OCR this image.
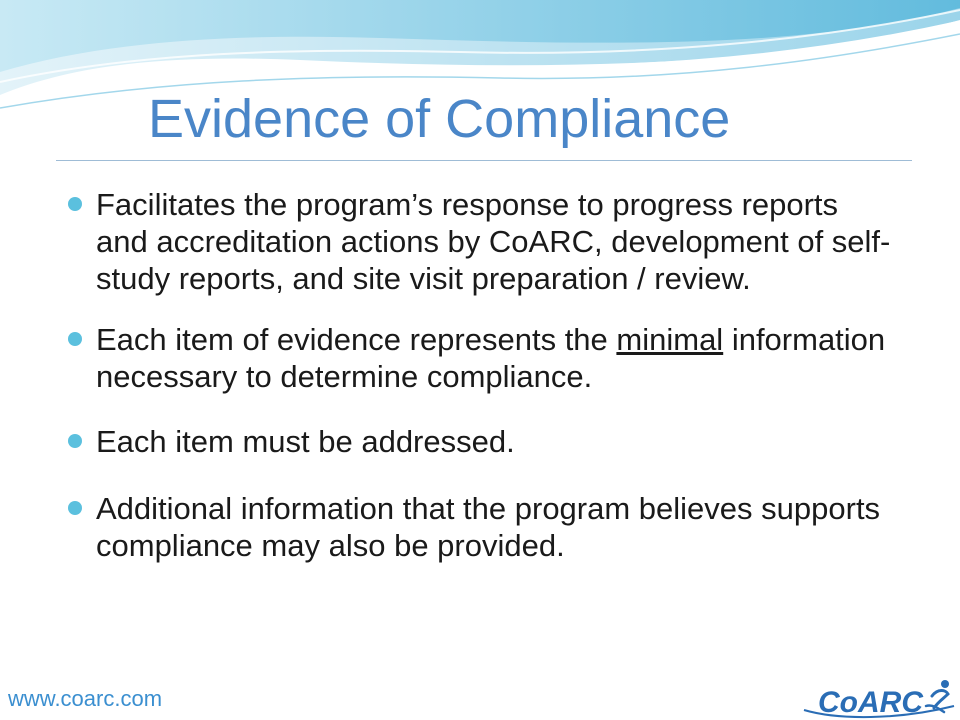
Evidence of Compliance
Facilitates the program’s response to progress reports and accreditation actions by CoARC, development of self-study reports, and site visit preparation / review.
Each item of evidence represents the minimal information necessary to determine compliance.
Each item must be addressed.
Additional information that the program believes supports compliance may also be provided.
www.coarc.com	CoARC
